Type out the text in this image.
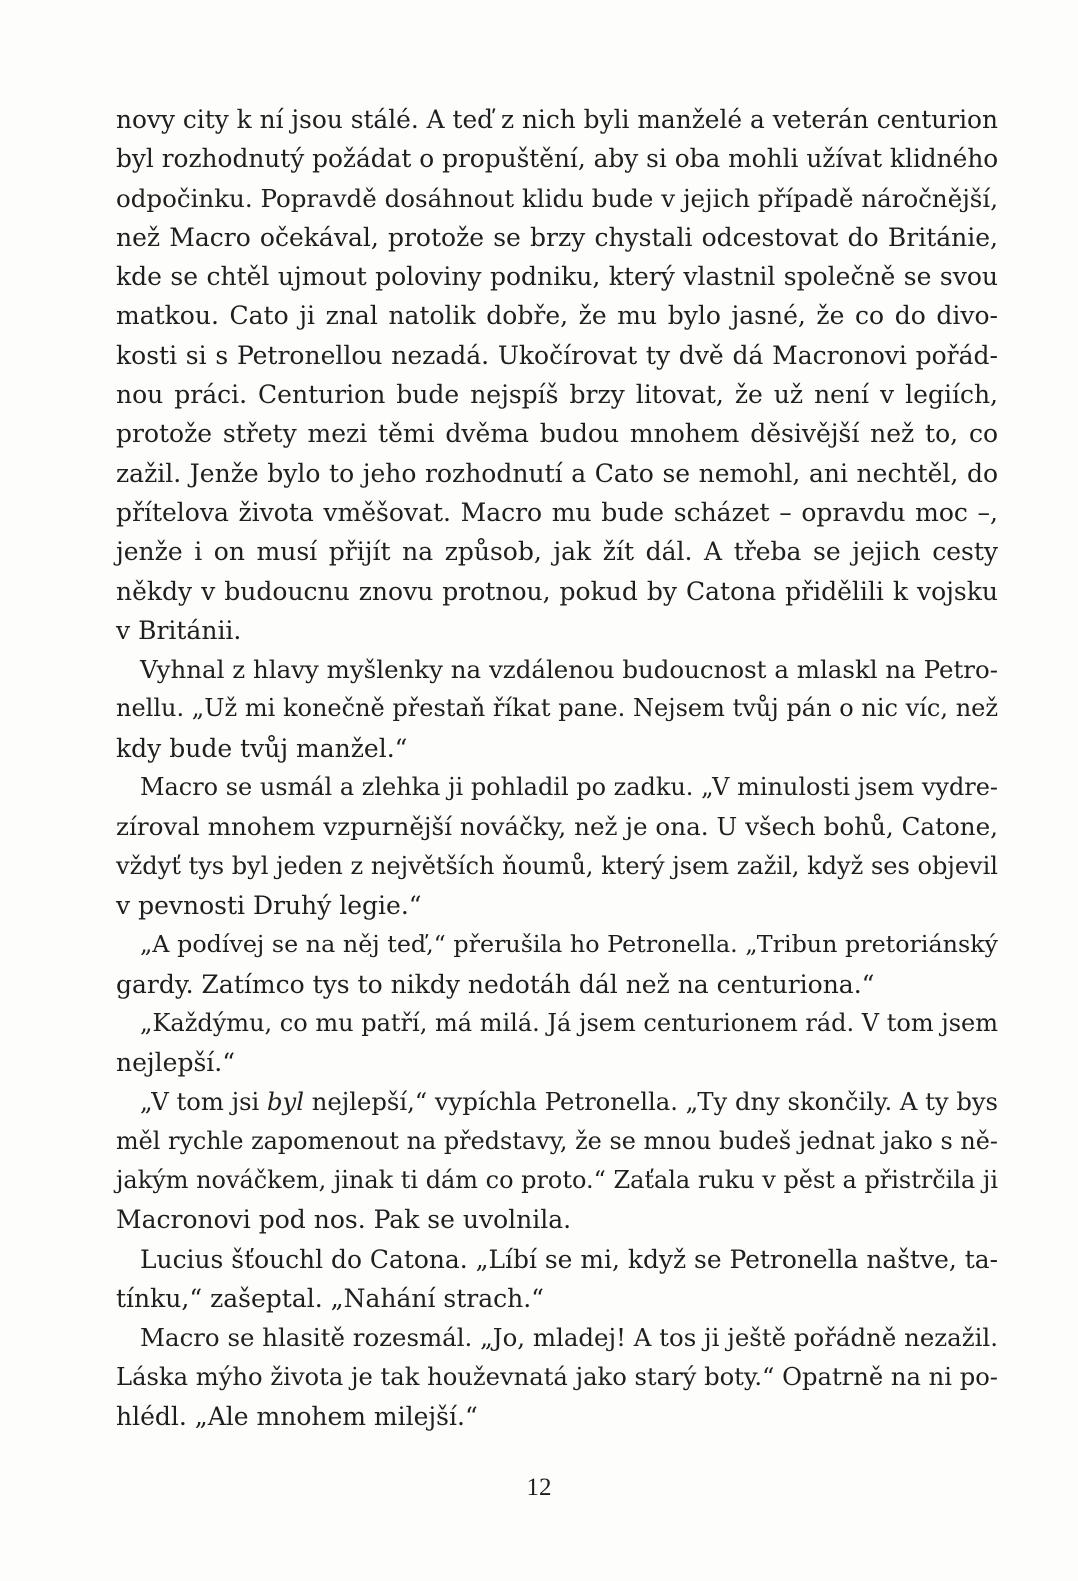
novy city k ní jsou stálé. A teď z nich byli manželé a veterán centurion
byl rozhodnutý požádat o propuštění, aby si oba mohli užívat klidného
odpočinku. Popravdě dosáhnout klidu bude v jejich případě náročnější,
než Macro očekával, protože se brzy chystali odcestovat do Británie,
kde se chtěl ujmout poloviny podniku, který vlastnil společně se svou
matkou. Cato ji znal natolik dobře, že mu bylo jasné, že co do divo-
kosti si s Petronellou nezadá. Ukočírovat ty dvě dá Macronovi pořád-
nou práci. Centurion bude nejspíš brzy litovat, že už není v legiích,
protože střety mezi těmi dvěma budou mnohem děsivější než to, co
zažil. Jenže bylo to jeho rozhodnutí a Cato se nemohl, ani nechtěl, do
přítelova života vměšovat. Macro mu bude scházet – opravdu moc –,
jenže i on musí přijít na způsob, jak žít dál. A třeba se jejich cesty
někdy v budoucnu znovu protnou, pokud by Catona přidělili k vojsku
v Británii.
Vyhnal z hlavy myšlenky na vzdálenou budoucnost a mlaskl na Petro-
nellu. „Už mi konečně přestaň říkat pane. Nejsem tvůj pán o nic víc, než
kdy bude tvůj manžel.“
Macro se usmál a zlehka ji pohladil po zadku. „V minulosti jsem vydre-
zíroval mnohem vzpurnější nováčky, než je ona. U všech bohů, Catone,
vždyť tys byl jeden z největších ňoumů, který jsem zažil, když ses objevil
v pevnosti Druhý legie.“
„A podívej se na něj teď,“ přerušila ho Petronella. „Tribun pretoriánský
gardy. Zatímco tys to nikdy nedotáh dál než na centuriona.“
„Každýmu, co mu patří, má milá. Já jsem centurionem rád. V tom jsem
nejlepší.“
„V tom jsi byl nejlepší,“ vypíchla Petronella. „Ty dny skončily. A ty bys
měl rychle zapomenout na představy, že se mnou budeš jednat jako s ně-
jakým nováčkem, jinak ti dám co proto.“ Zaťala ruku v pěst a přistrčila ji
Macronovi pod nos. Pak se uvolnila.
Lucius šťouchl do Catona. „Líbí se mi, když se Petronella naštve, ta-
tínku,“ zašeptal. „Nahání strach.“
Macro se hlasitě rozesmál. „Jo, mladej! A tos ji ještě pořádně nezažil.
Láska mýho života je tak houževnatá jako starý boty.“ Opatrně na ni po-
hlédl. „Ale mnohem milejší.“
12
